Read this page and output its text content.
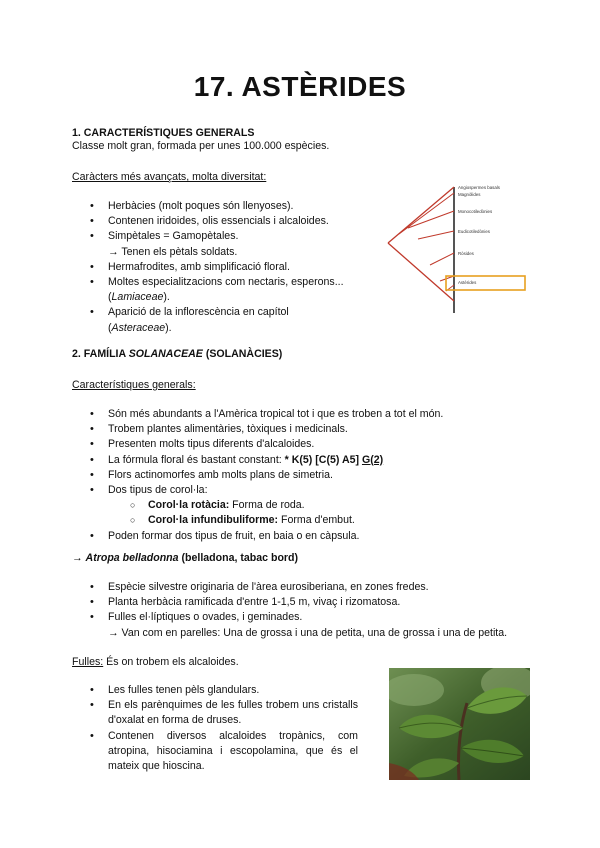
17. ASTÈRIDES
1. CARACTERÍSTIQUES GENERALS
Classe molt gran, formada per unes 100.000 espècies.
Caràcters més avançats, molta diversitat:
• Herbàcies (molt poques són llenyoses).
• Contenen iridoides, olis essencials i alcaloides.
• Simpètales = Gamopètales.
→ Tenen els pètals soldats.
• Hermafrodites, amb simplificació floral.
• Moltes especialitzacions com nectaris, esperons...
(Lamiaceae).
• Aparició de la inflorescència en capítol
(Asteraceae).
Angiospermes basals
Magnòlides
Monocotiledònies
Eudicotiledònies
Ròsides
Astèrides
2. FAMÍLIA SOLANACEAE (SOLANÀCIES)
Característiques generals:
• Són més abundants a l'Amèrica tropical tot i que es troben a tot el món.
• Trobem plantes alimentàries, tòxiques i medicinals.
• Presenten molts tipus diferents d'alcaloides.
• La fórmula floral és bastant constant: * K(5) [C(5) A5] G(2)
• Flors actinomorfes amb molts plans de simetria.
• Dos tipus de corol·la:
○ Corol·la rotàcia: Forma de roda.
○ Corol·la infundibuliforme: Forma d'embut.
• Poden formar dos tipus de fruit, en baia o en càpsula.
→ Atropa belladonna (belladona, tabac bord)
• Espècie silvestre originaria de l'àrea eurosiberiana, en zones fredes.
• Planta herbàcia ramificada d'entre 1-1,5 m, vivaç i rizomatosa.
• Fulles el·líptiques o ovades, i geminades.
→ Van com en parelles: Una de grossa i una de petita, una de grossa i una de petita.
Fulles: És on trobem els alcaloides.
• Les fulles tenen pèls glandulars.
• En els parènquimes de les fulles trobem uns cristalls d'oxalat en forma de druses.
• Contenen diversos alcaloides tropànics, com atropina, hisociamina i escopolamina, que és el mateix que hioscina.
